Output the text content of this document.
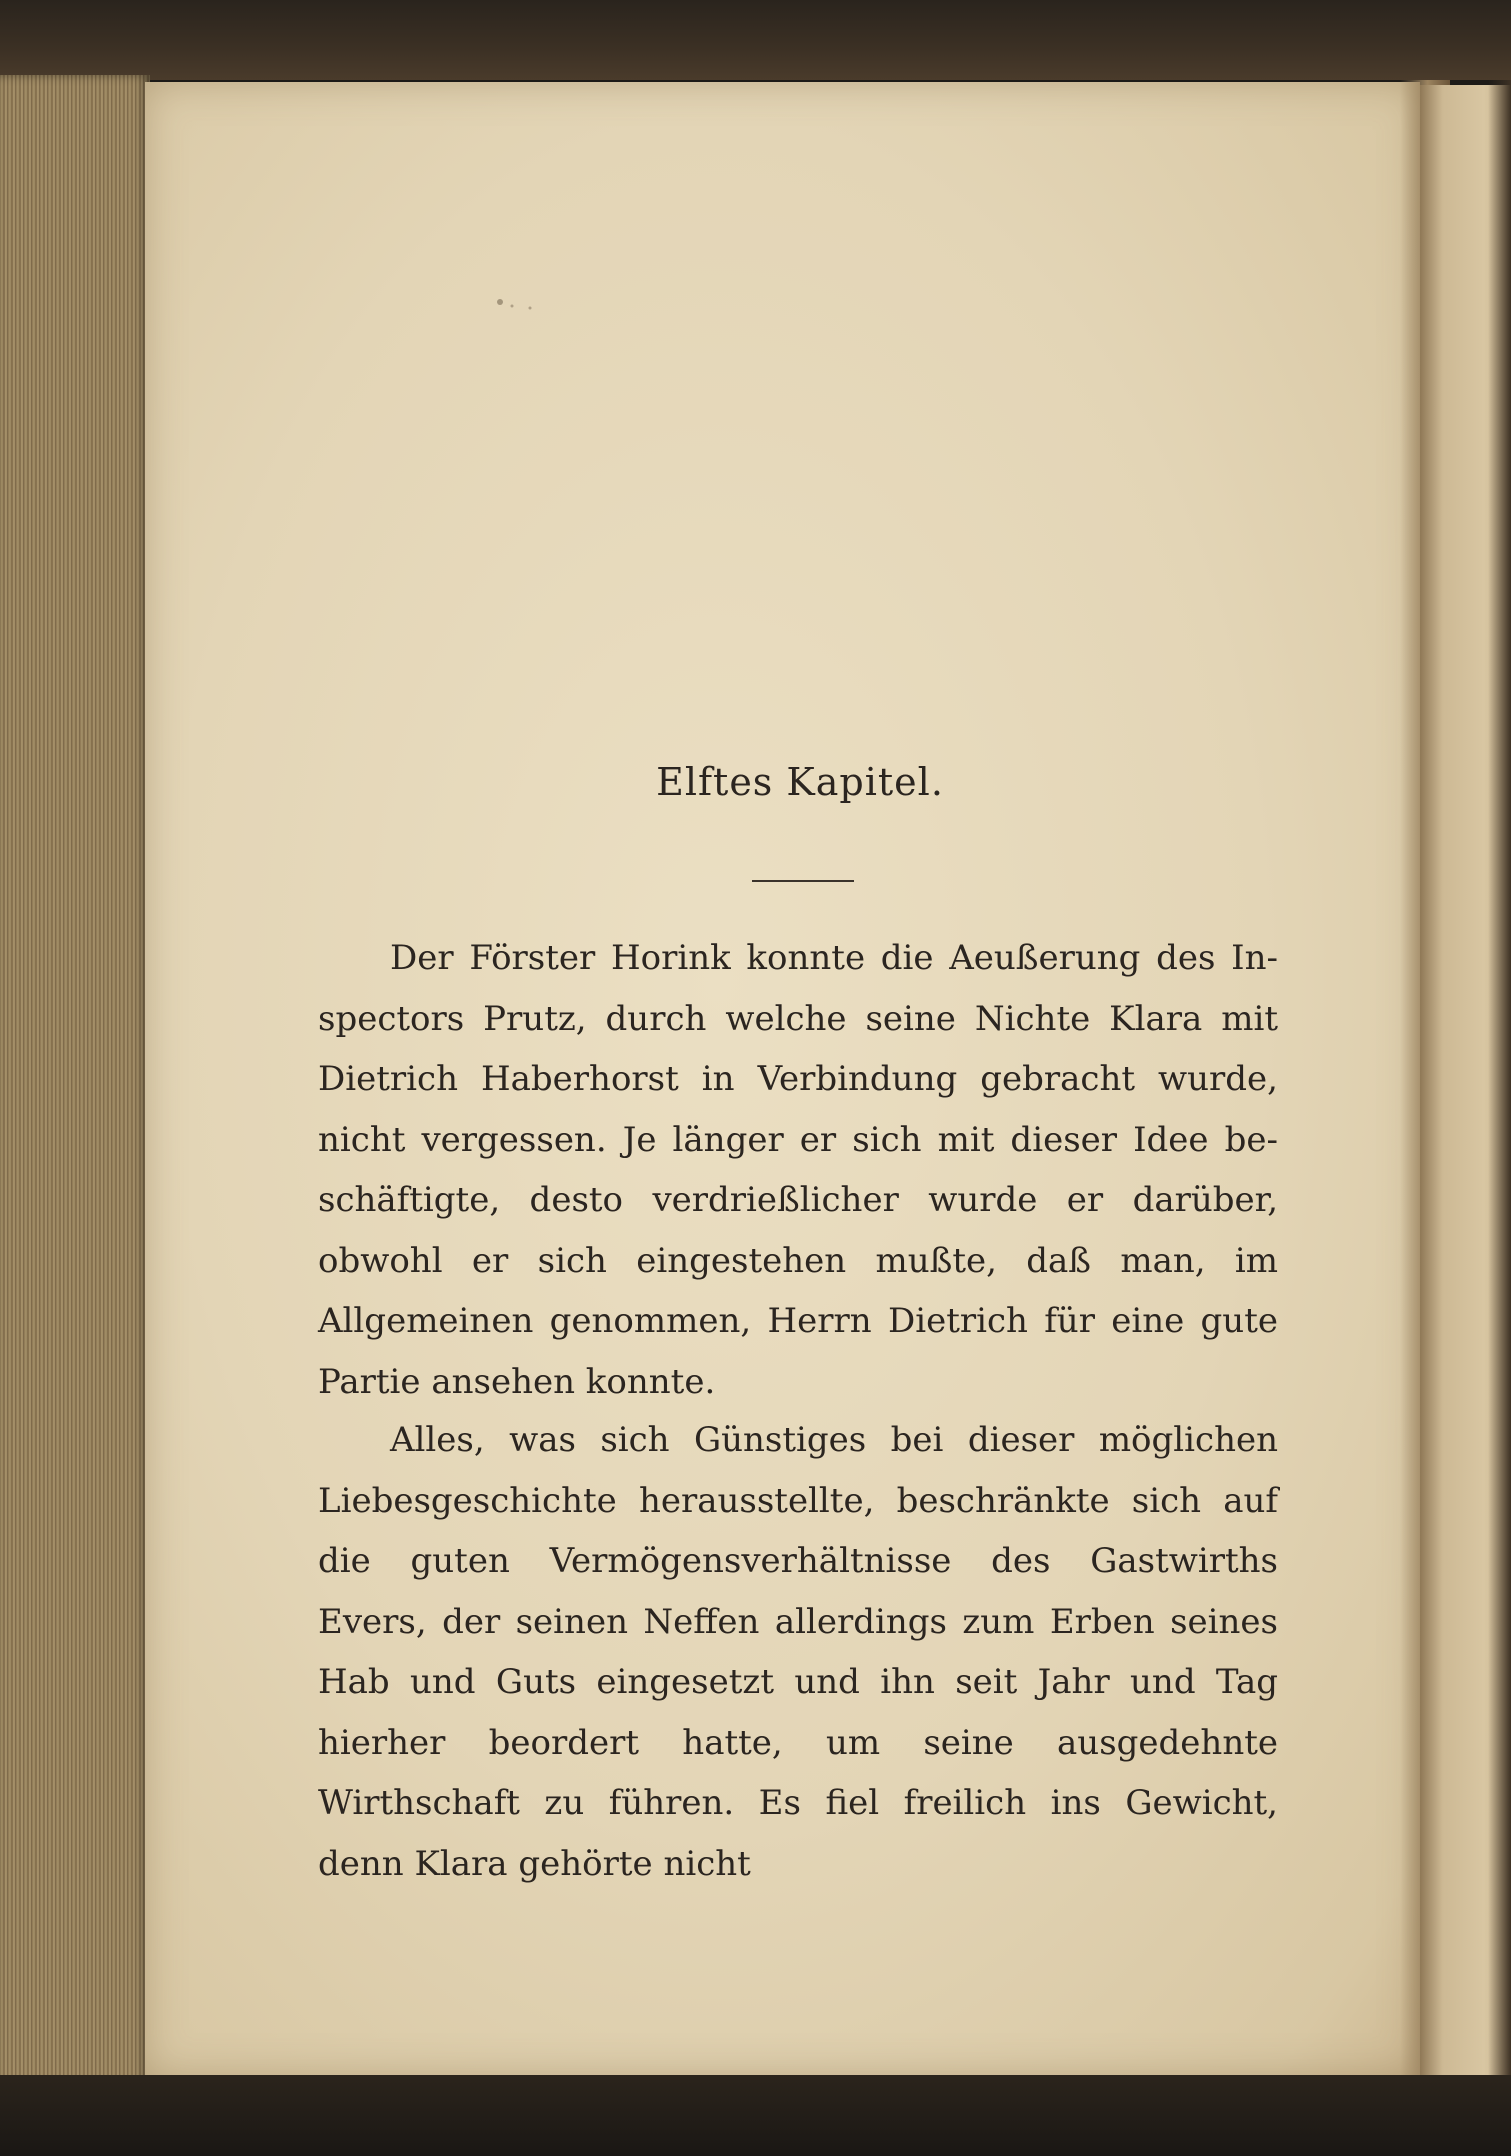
Elftes Kapitel.
Der Förster Horink konnte die Aeußerung des Inspectors Prutz, durch welche seine Nichte Klara mit Dietrich Haberhorst in Verbindung gebracht wurde, nicht vergessen. Je länger er sich mit dieser Idee beschäftigte, desto verdrießlicher wurde er darüber, obwohl er sich eingestehen mußte, daß man, im Allgemeinen genommen, Herrn Dietrich für eine gute Partie ansehen konnte.
Alles, was sich Günstiges bei dieser möglichen Liebesgeschichte herausstellte, beschränkte sich auf die guten Vermögensverhältnisse des Gastwirths Evers, der seinen Neffen allerdings zum Erben seines Hab und Guts eingesetzt und ihn seit Jahr und Tag hierher beordert hatte, um seine ausgedehnte Wirthschaft zu führen. Es fiel freilich ins Gewicht, denn Klara gehörte nicht
